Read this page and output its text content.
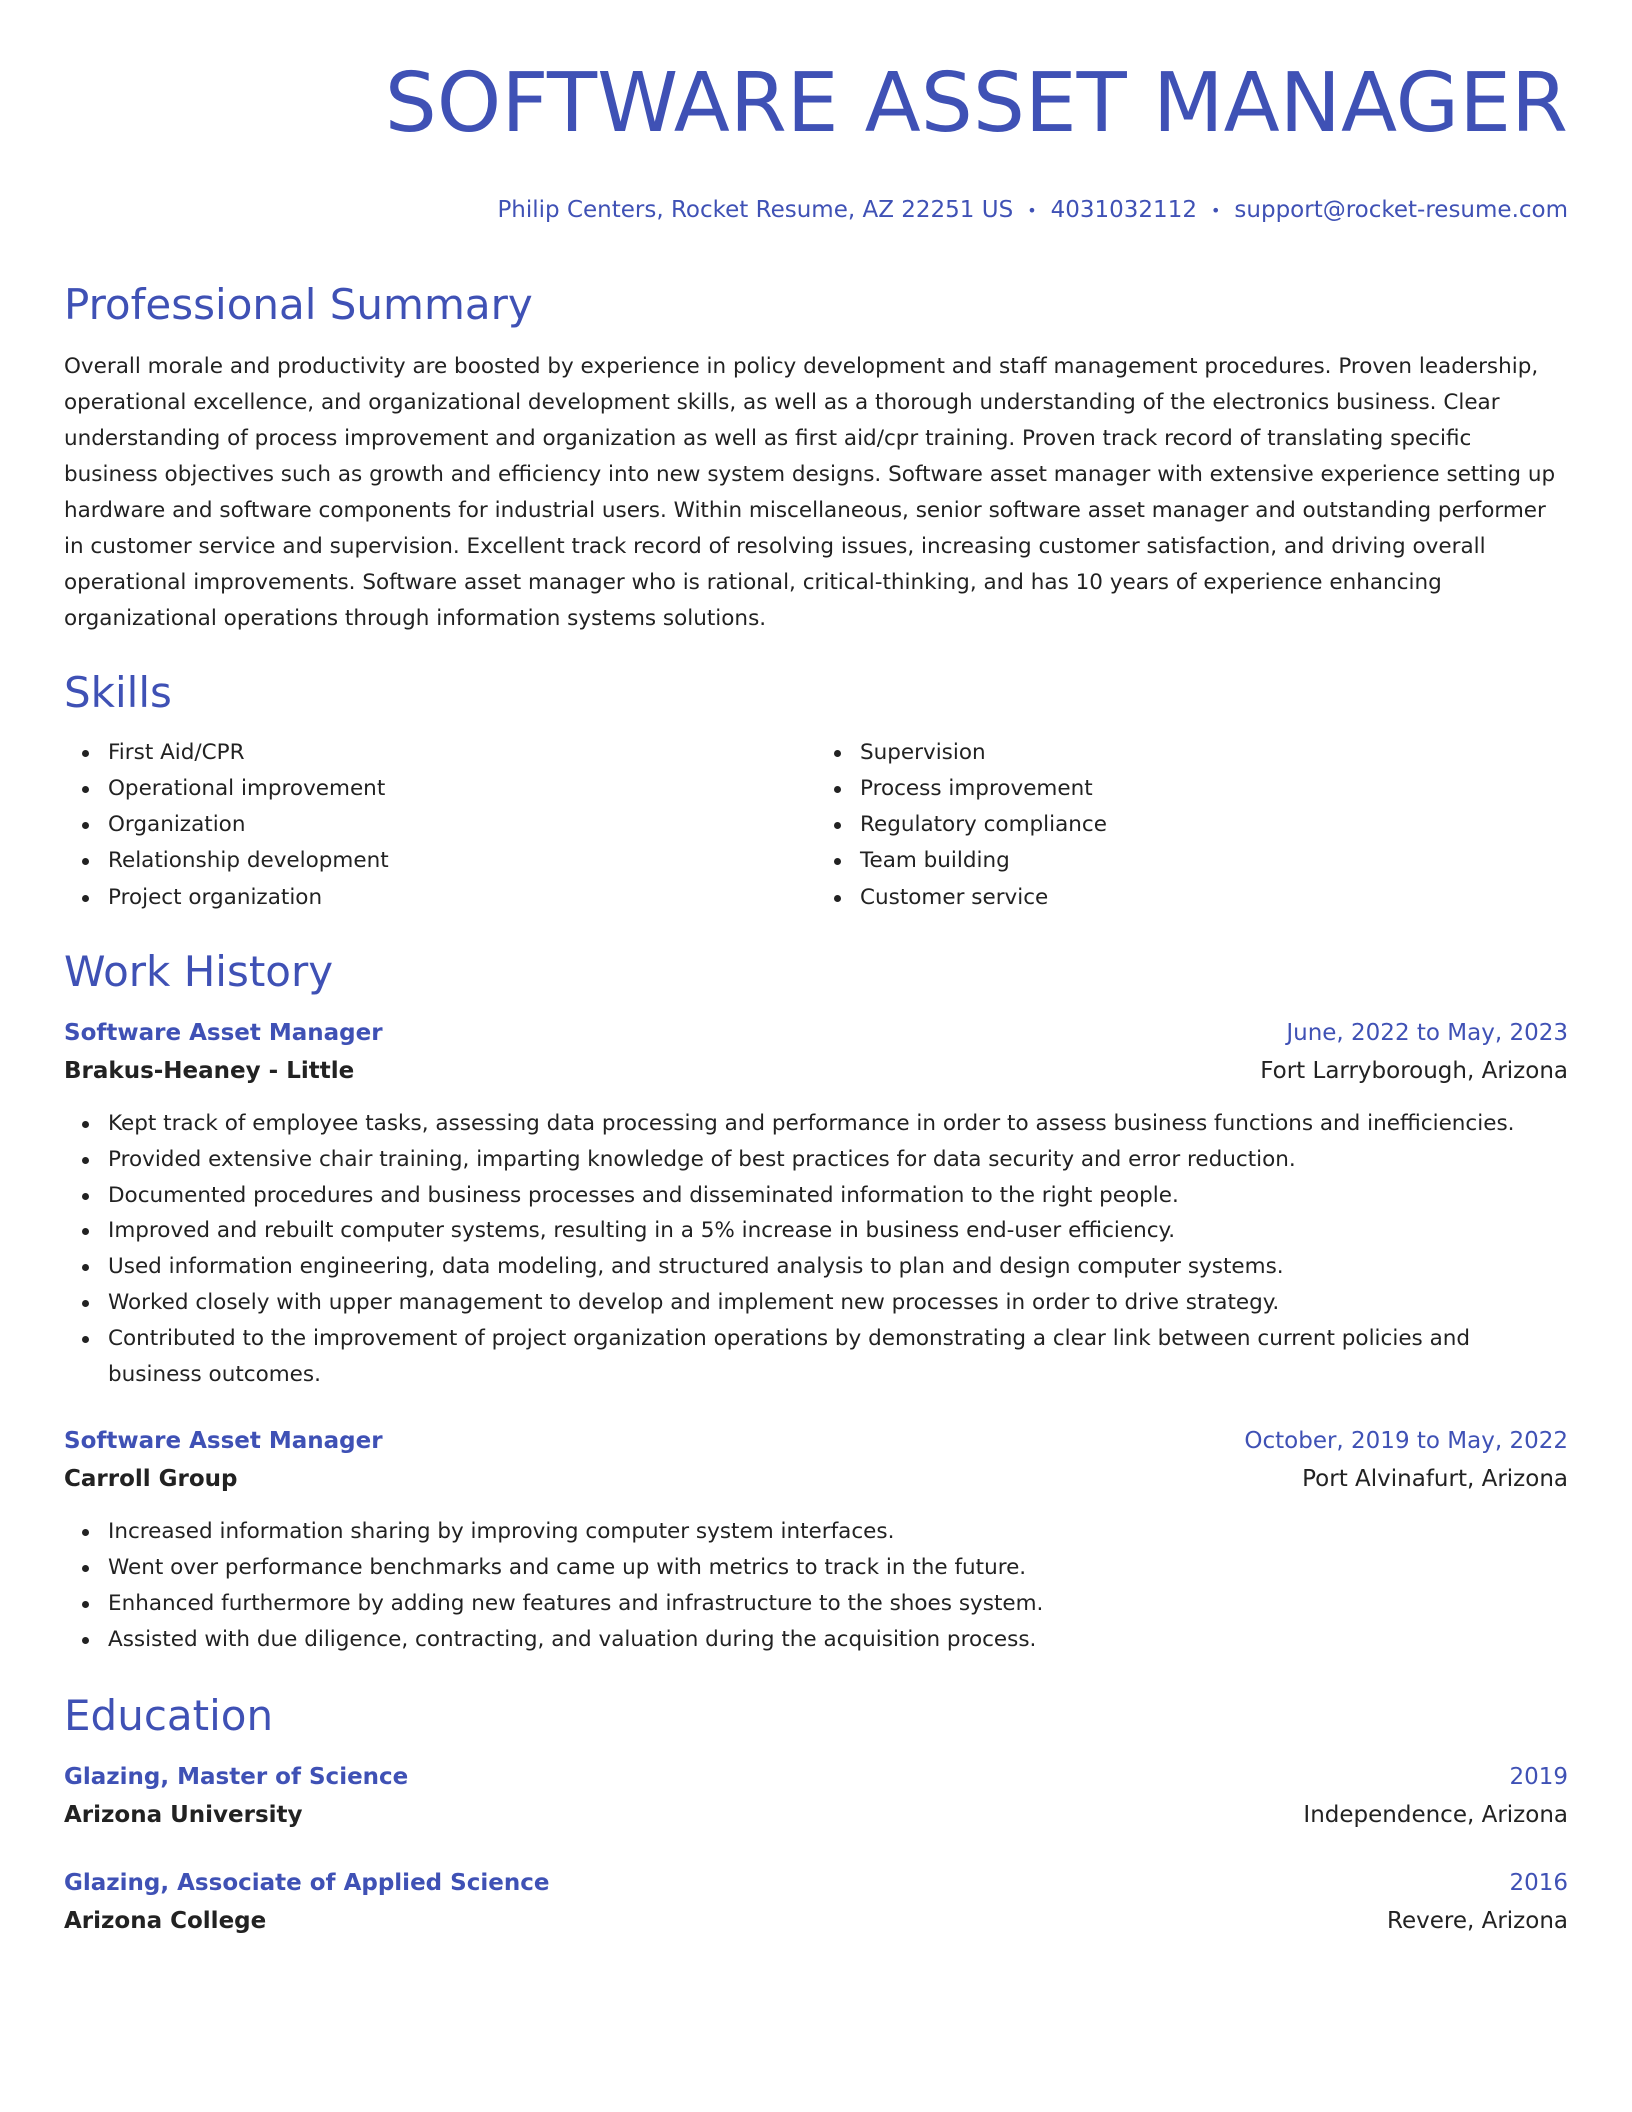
SOFTWARE ASSET MANAGER
Philip Centers, Rocket Resume, AZ 22251 US • 4031032112 • support@rocket-resume.com
Professional Summary

Overall morale and productivity are boosted by experience in policy development and staff management procedures. Proven leadership, operational excellence, and organizational development skills, as well as a thorough understanding of the electronics business. Clear understanding of process improvement and organization as well as first aid/cpr training. Proven track record of translating specific business objectives such as growth and efficiency into new system designs. Software asset manager with extensive experience setting up hardware and software components for industrial users. Within miscellaneous, senior software asset manager and outstanding performer in customer service and supervision. Excellent track record of resolving issues, increasing customer satisfaction, and driving overall operational improvements. Software asset manager who is rational, critical-thinking, and has 10 years of experience enhancing organizational operations through information systems solutions.

Skills
First Aid/CPR
Operational improvement
Organization
Relationship development
Project organization
Supervision
Process improvement
Regulatory compliance
Team building
Customer service
Work History
Software Asset Manager	June, 2022 to May, 2023
Brakus-Heaney - Little	Fort Larryborough, Arizona
Kept track of employee tasks, assessing data processing and performance in order to assess business functions and inefficiencies.
Provided extensive chair training, imparting knowledge of best practices for data security and error reduction.
Documented procedures and business processes and disseminated information to the right people.
Improved and rebuilt computer systems, resulting in a 5% increase in business end-user efficiency.
Used information engineering, data modeling, and structured analysis to plan and design computer systems.
Worked closely with upper management to develop and implement new processes in order to drive strategy.
Contributed to the improvement of project organization operations by demonstrating a clear link between current policies and business outcomes.
Software Asset Manager	October, 2019 to May, 2022
Carroll Group	Port Alvinafurt, Arizona
Increased information sharing by improving computer system interfaces.
Went over performance benchmarks and came up with metrics to track in the future.
Enhanced furthermore by adding new features and infrastructure to the shoes system.
Assisted with due diligence, contracting, and valuation during the acquisition process.
Education
Glazing, Master of Science	2019
Arizona University	Independence, Arizona
Glazing, Associate of Applied Science	2016
Arizona College	Revere, Arizona
